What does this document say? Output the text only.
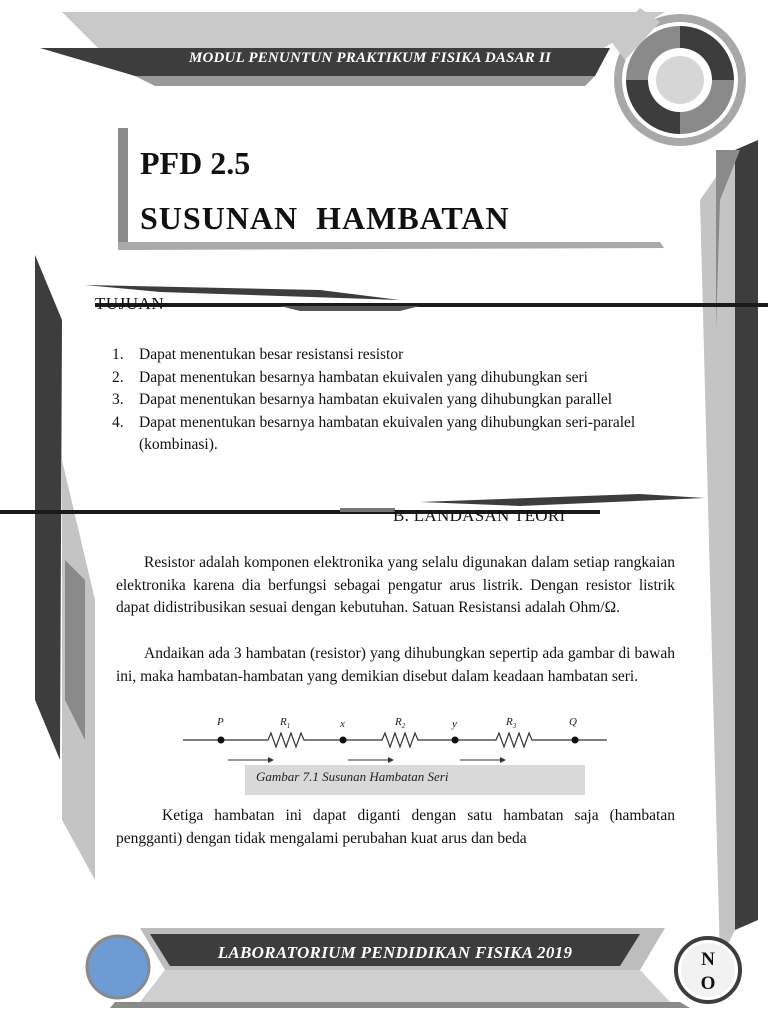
P	x	y	Q
$R_1$	$R_2$	$R_3$
MODUL PENUNTUN PRAKTIKUM FISIKA DASAR II
PFD 2.5
SUSUNAN  HAMBATAN
TUJUAN
1. Dapat menentukan besar resistansi resistor
2. Dapat menentukan besarnya hambatan ekuivalen yang dihubungkan seri
3. Dapat menentukan besarnya hambatan ekuivalen yang dihubungkan parallel
4. Dapat menentukan besarnya hambatan ekuivalen yang dihubungkan seri-paralel (kombinasi).
B. LANDASAN TEORI

Resistor adalah komponen elektronika yang selalu digunakan dalam setiap rangkaian elektronika karena dia berfungsi sebagai pengatur arus listrik. Dengan resistor listrik dapat didistribusikan sesuai dengan kebutuhan. Satuan Resistansi adalah Ohm/Ω.

Andaikan ada 3 hambatan (resistor) yang dihubungkan sepertip ada gambar di bawah ini, maka hambatan-hambatan yang demikian disebut dalam keadaan hambatan seri.

Gambar 7.1 Susunan Hambatan Seri

Ketiga hambatan ini dapat diganti dengan satu hambatan saja (hambatan pengganti) dengan tidak mengalami perubahan kuat arus dan beda

LABORATORIUM PENDIDIKAN FISIKA 2019	N
O
